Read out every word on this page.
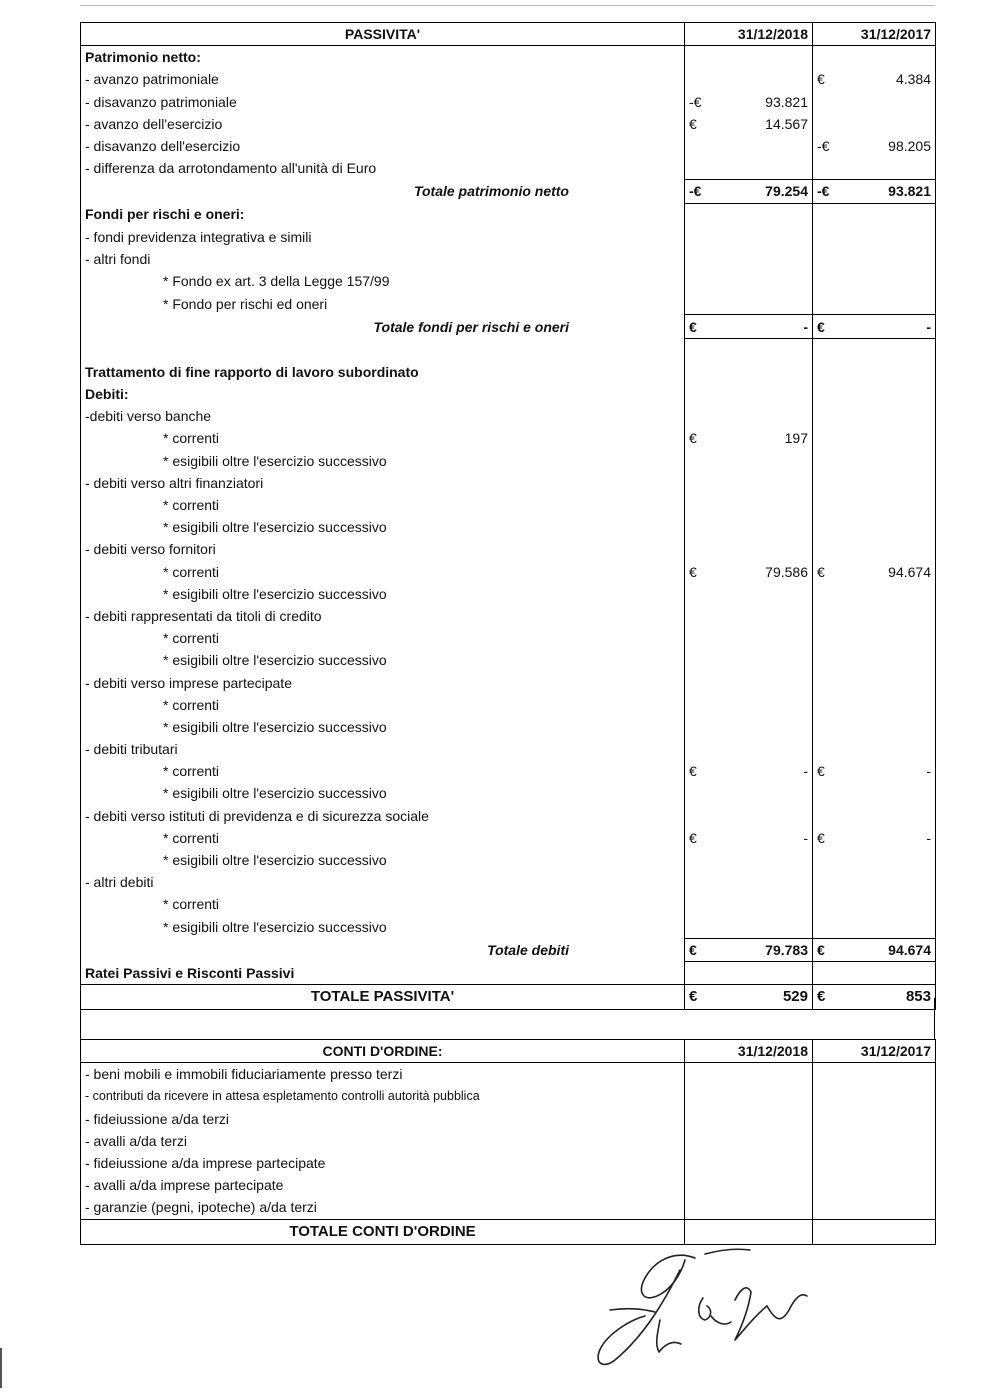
PASSIVITA'	31/12/2018	31/12/2017
Patrimonio netto:	

- avanzo patrimoniale		€ 4.384

- disavanzo patrimoniale	-€ 93.821	

- avanzo dell'esercizio	€ 14.567	

- disavanzo dell'esercizio		-€ 98.205

- differenza da arrotondamento all'unità di Euro	

Totale patrimonio netto	-€ 79.254	-€ 93.821

Fondi per rischi e oneri:	

- fondi previdenza integrativa e simili	

- altri fondi	

* Fondo ex art. 3 della Legge 157/99	

* Fondo per rischi ed oneri	

Totale fondi per rischi e oneri	€ -	€ -

Trattamento di fine rapporto di lavoro subordinato	

Debiti:	

-debiti verso banche	

* correnti	€ 197	

* esigibili oltre l'esercizio successivo	

- debiti verso altri finanziatori	

* correnti	

* esigibili oltre l'esercizio successivo	

- debiti verso fornitori	

* correnti	€ 79.586	€ 94.674

* esigibili oltre l'esercizio successivo	

- debiti rappresentati da titoli di credito	

* correnti	

* esigibili oltre l'esercizio successivo	

- debiti verso imprese partecipate	

* correnti	

* esigibili oltre l'esercizio successivo	

- debiti tributari	

* correnti	€ -	€ -

* esigibili oltre l'esercizio successivo	

- debiti verso istituti di previdenza e di sicurezza sociale	

* correnti	€ -	€ -

* esigibili oltre l'esercizio successivo	

- altri debiti	

* correnti	

* esigibili oltre l'esercizio successivo	

Totale debiti	€ 79.783	€ 94.674

Ratei Passivi e Risconti Passivi	

TOTALE PASSIVITA'	€ 529	€ 853
CONTI D'ORDINE:	31/12/2018	31/12/2017
- beni mobili e immobili fiduciariamente presso terzi	

- contributi da ricevere in attesa espletamento controlli autorità pubblica	

- fideiussione a/da terzi	

- avalli a/da terzi	

- fideiussione a/da imprese partecipate	

- avalli a/da imprese partecipate	

- garanzie (pegni, ipoteche) a/da terzi	

TOTALE CONTI D'ORDINE	
